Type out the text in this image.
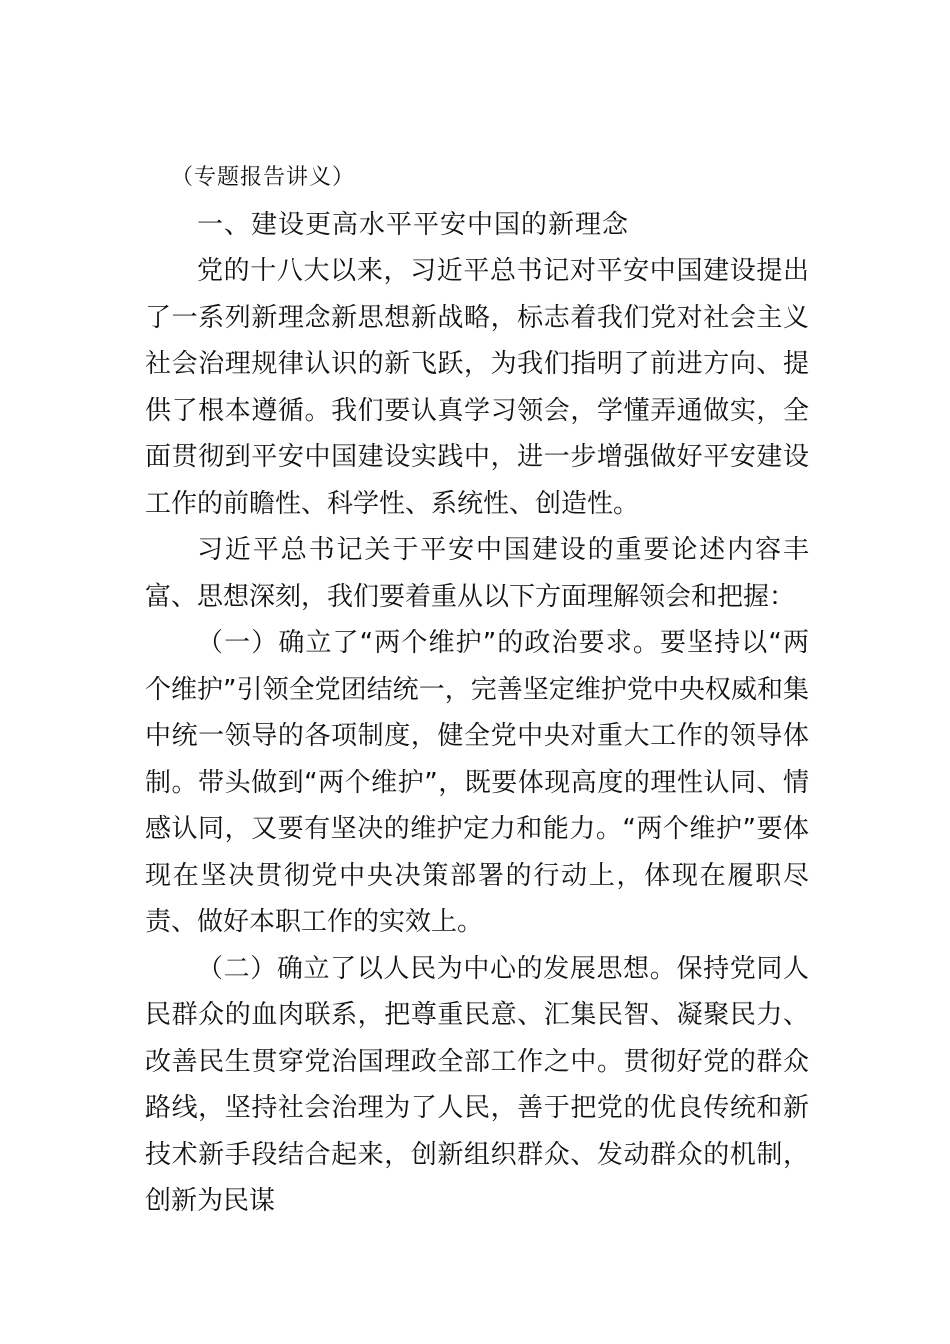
（专题报告讲义）

一、建设更高水平平安中国的新理念

党的十八大以来，习近平总书记对平安中国建设提出了一系列新理念新思想新战略，标志着我们党对社会主义社会治理规律认识的新飞跃，为我们指明了前进方向、提供了根本遵循。我们要认真学习领会，学懂弄通做实，全面贯彻到平安中国建设实践中，进一步增强做好平安建设工作的前瞻性、科学性、系统性、创造性。

习近平总书记关于平安中国建设的重要论述内容丰富、思想深刻，我们要着重从以下方面理解领会和把握：

（一）确立了“两个维护”的政治要求。要坚持以“两个维护”引领全党团结统一，完善坚定维护党中央权威和集中统一领导的各项制度，健全党中央对重大工作的领导体制。带头做到“两个维护”，既要体现高度的理性认同、情感认同，又要有坚决的维护定力和能力。“两个维护”要体现在坚决贯彻党中央决策部署的行动上，体现在履职尽责、做好本职工作的实效上。

（二）确立了以人民为中心的发展思想。保持党同人民群众的血肉联系，把尊重民意、汇集民智、凝聚民力、改善民生贯穿党治国理政全部工作之中。贯彻好党的群众路线，坚持社会治理为了人民，善于把党的优良传统和新技术新手段结合起来，创新组织群众、发动群众的机制，创新为民谋
